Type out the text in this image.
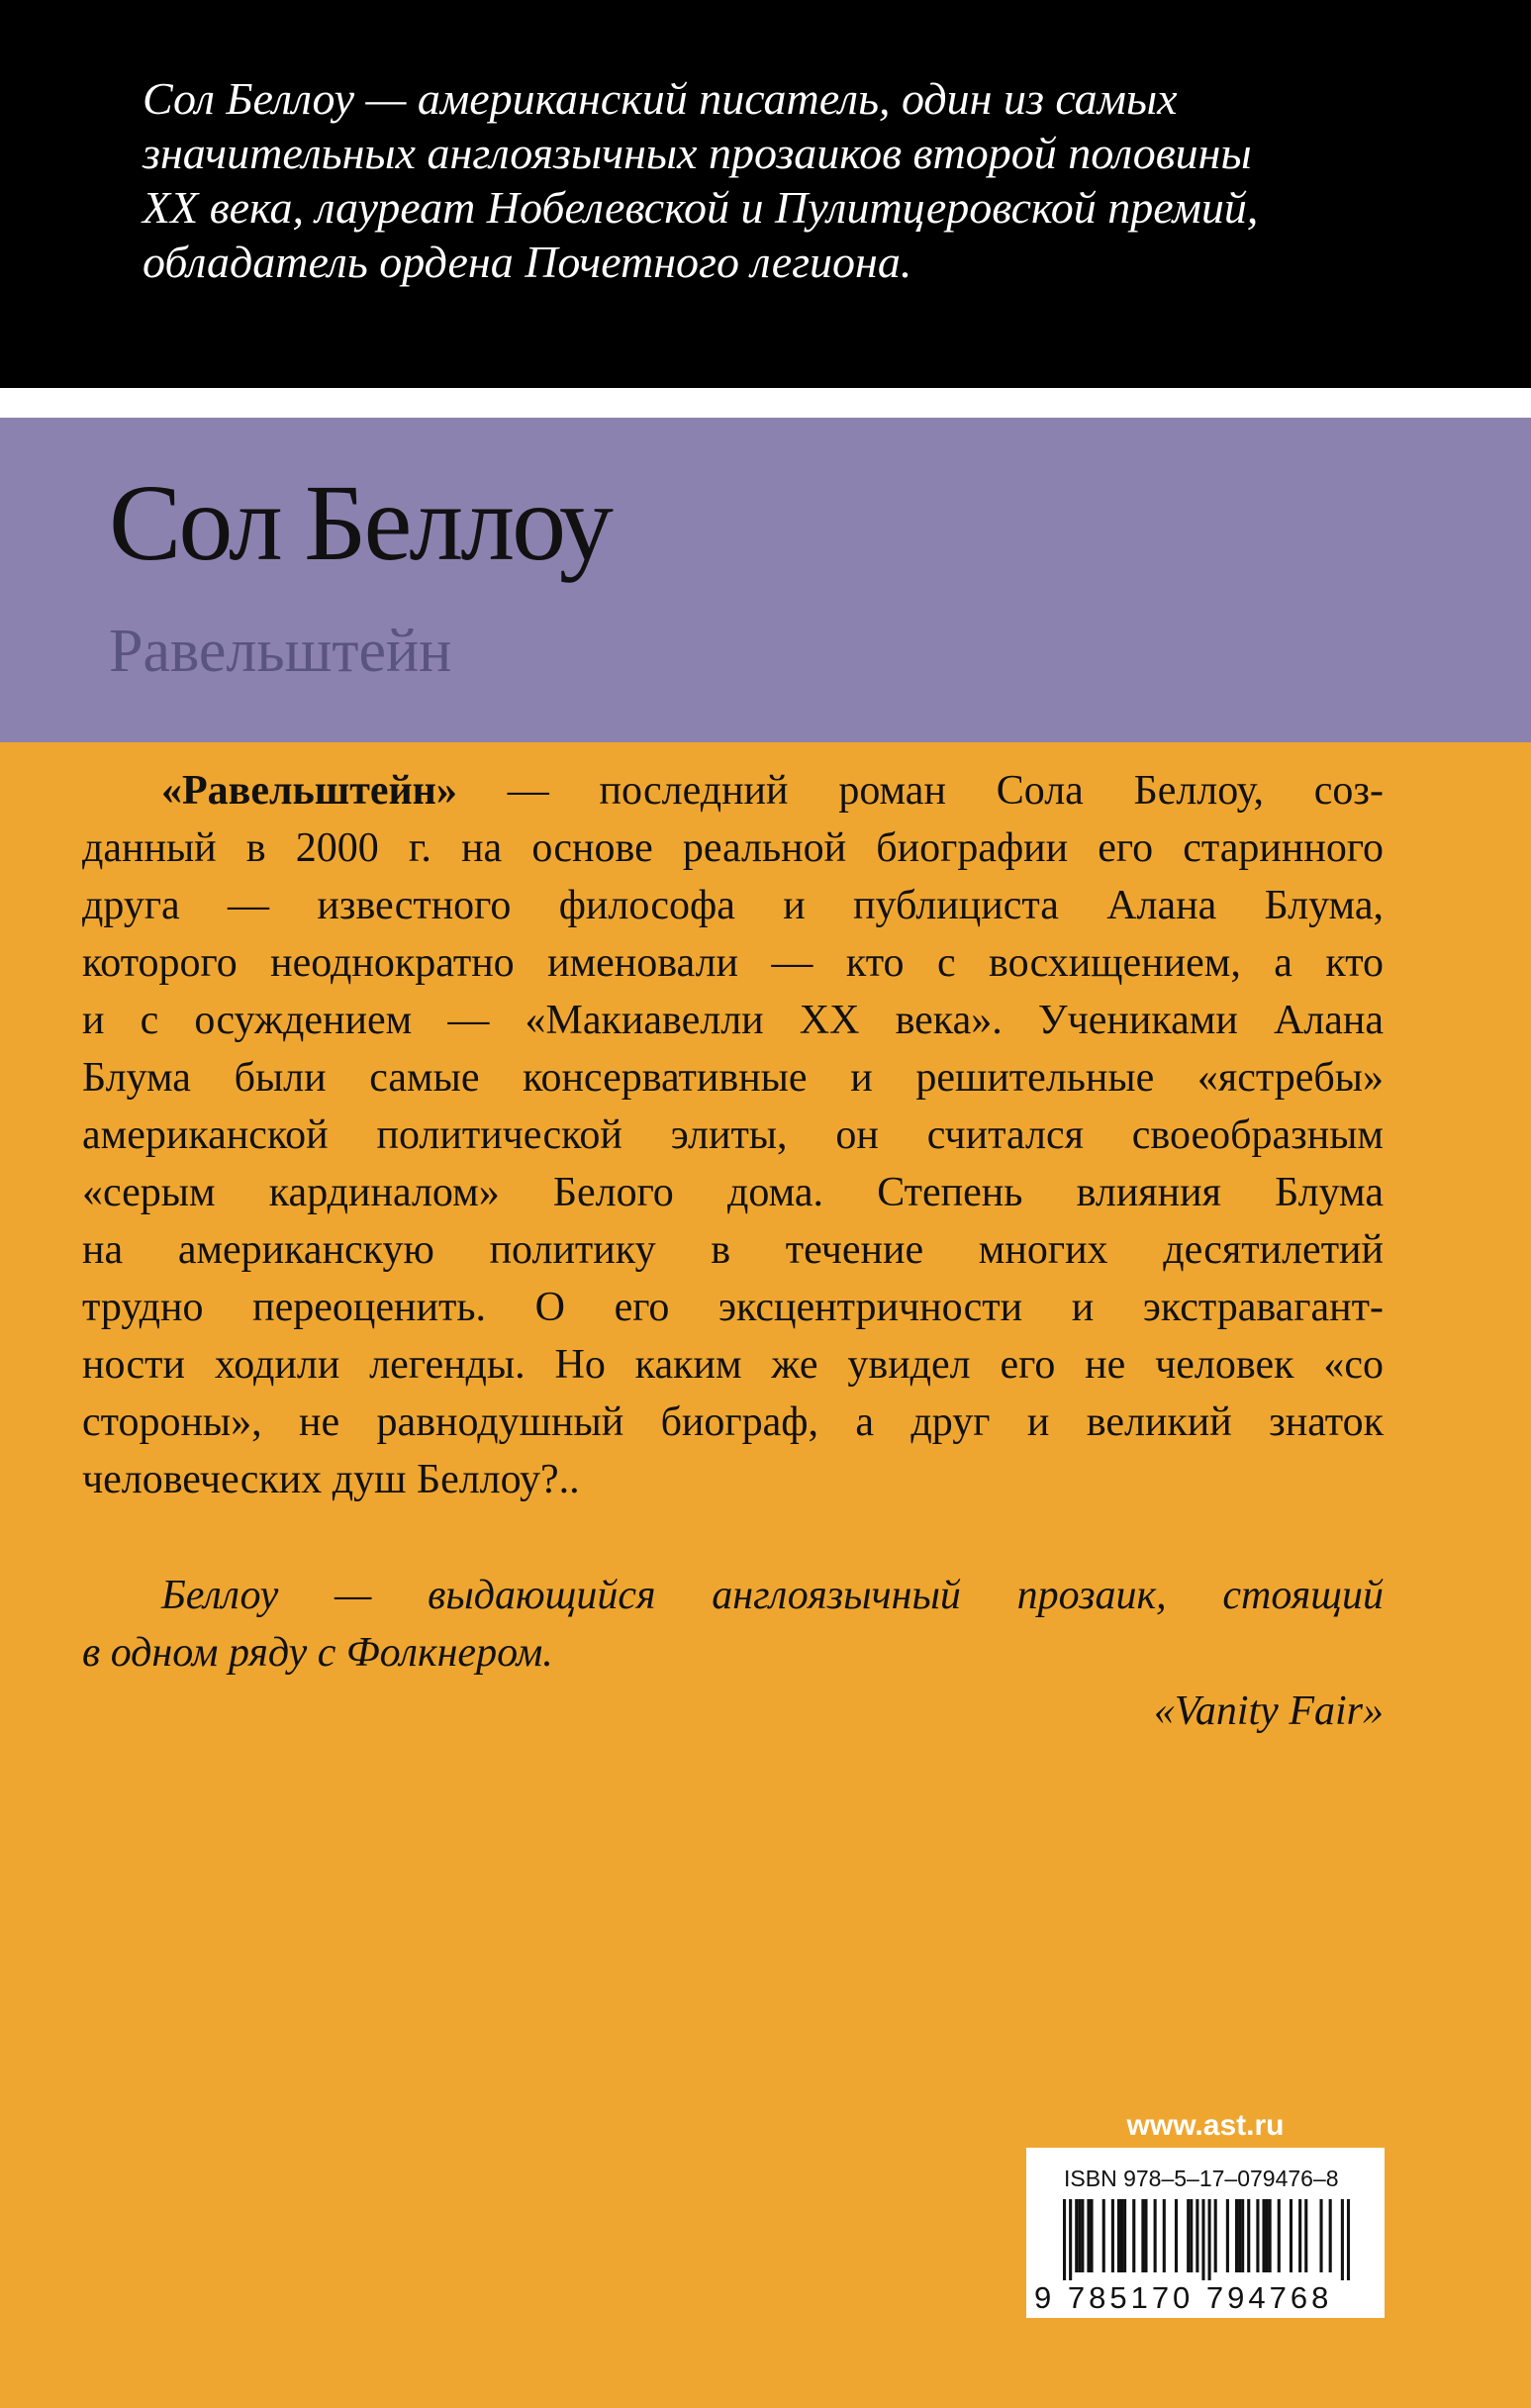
Сол Беллоу — американский писатель, один из самых
значительных англоязычных прозаиков второй половины
XX века, лауреат Нобелевской и Пулитцеровской премий,
обладатель ордена Почетного легиона.

Сол Беллоу
Равельштейн

«Равельштейн» — последний роман Сола Беллоу, соз-
данный в 2000 г. на основе реальной биографии его старинного
друга — известного философа и публициста Алана Блума,
которого неоднократно именовали — кто с восхищением, а кто
и с осуждением — «Макиавелли XX века». Учениками Алана
Блума были самые консервативные и решительные «ястребы»
американской политической элиты, он считался своеобразным
«серым кардиналом» Белого дома. Степень влияния Блума
на американскую политику в течение многих десятилетий
трудно переоценить. О его эксцентричности и экстравагант-
ности ходили легенды. Но каким же увидел его не человек «со
стороны», не равнодушный биограф, а друг и великий знаток
человеческих душ Беллоу?..

Беллоу — выдающийся англоязычный прозаик, стоящий
в одном ряду с Фолкнером.

«Vanity Fair»

www.ast.ru
ISBN 978–5–17–079476–8
9 785170 794768
